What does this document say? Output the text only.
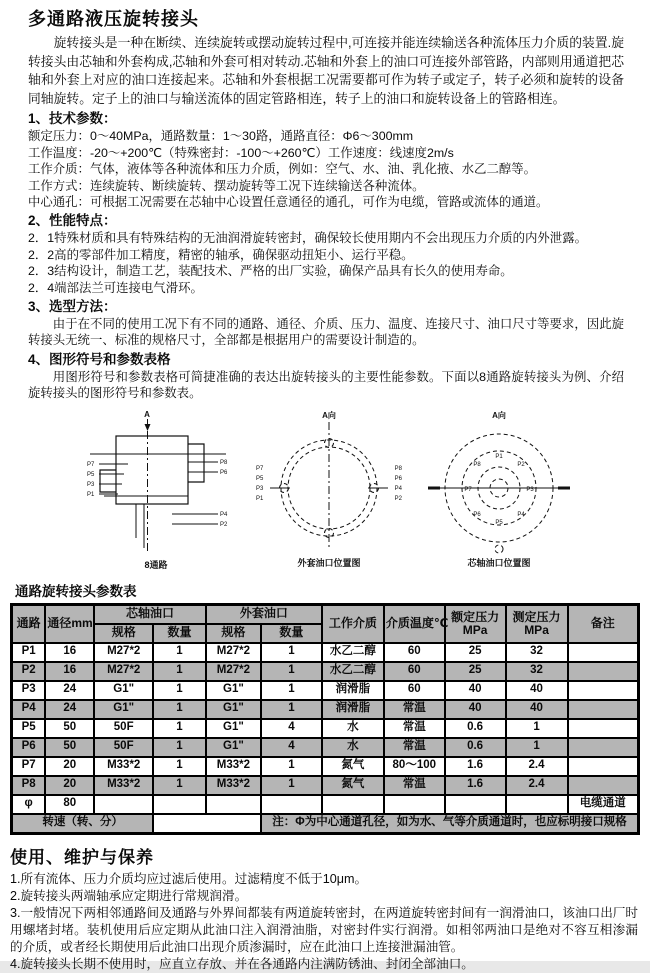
多通路液压旋转接头

旋转接头是一种在断续、连续旋转或摆动旋转过程中,可连接并能连续输送各种流体压力介质的装置.旋转接头由芯轴和外套构成,芯轴和外套可相对转动.芯轴和外套上的油口可连接外部管路，内部则用通道把芯轴和外套上对应的油口连接起来。芯轴和外套根据工况需要都可作为转子或定子，转子必须和旋转的设备同轴旋转。定子上的油口与输送流体的固定管路相连，转子上的油口和旋转设备上的管路相连。

1、技术参数：

额定压力：0～40MPa，通路数量：1～30路，通路直径：Φ6～300mm

工作温度：-20～+200℃（特殊密封：-100～+260℃）工作速度：线速度2m/s

工作介质：气体，液体等各种流体和压力介质，例如：空气、水、油、乳化掖、水乙二醇等。

工作方式：连续旋转、断续旋转、摆动旋转等工况下连续输送各种流体。

中心通孔：可根据工况需要在芯轴中心设置任意通径的通孔，可作为电缆，管路或流体的通道。

2、性能特点：

2．1特殊材质和具有特殊结构的无油润滑旋转密封，确保较长使用期内不会出现压力介质的内外泄露。

2．2高的零部件加工精度，精密的轴承，确保驱动扭矩小、运行平稳。

2．3结构设计，制造工艺，装配技术、严格的出厂实验，确保产品具有长久的使用寿命。

2．4端部法兰可连接电气滑环。

3、选型方法：

由于在不同的使用工况下有不同的通路、通径、介质、压力、温度、连接尺寸、油口尺寸等要求，因此旋转接头无统一、标准的规格尺寸，全部都是根据用户的需要设计制造的。

4、图形符号和参数表格

用图形符号和参数表格可简捷准确的表达出旋转接头的主要性能参数。下面以8通路旋转接头为例、介绍旋转接头的图形符号和参数表。

A
P7
P5
P3
P1
P8
P6
P4
P2
8通路
A向
P7
P5
P3
P1
P8
P6
P4
P2
外套油口位置图
A向
P1
P2
P3
P4
P5
P6
P7
P8
芯轴油口位置图
通路旋转接头参数表
通路	通径mm	芯轴油口		外套油口		工作介质	介质温度℃	额定压力
MPa	测定压力
MPa	备注
		规格	数量	规格	数量					
P1	16	M27*2	1	M27*2	1	水乙二醇	60	25	32	
P2	16	M27*2	1	M27*2	1	水乙二醇	60	25	32	
P3	24	G1"	1	G1"	1	润滑脂	60	40	40	
P4	24	G1"	1	G1"	1	润滑脂	常温	40	40	
P5	50	50F	1	G1"	4	水	常温	0.6	1	
P6	50	50F	1	G1"	4	水	常温	0.6	1	
P7	20	M33*2	1	M33*2	1	氮气	80～100	1.6	2.4	
P8	20	M33*2	1	M33*2	1	氮气	常温	1.6	2.4	
φ	80									电缆通道
转速（转、分）					注：Φ为中心通道孔径，如为水、气等介质通道时，也应标明接口规格					
使用、维护与保养

1.所有流体、压力介质均应过滤后使用。过滤精度不低于10μm。

2.旋转接头两端轴承应定期进行常规润滑。

3.一般情况下两相邻通路间及通路与外界间都装有两道旋转密封，在两道旋转密封间有一润滑油口，该油口出厂时用螺堵封堵。装机使用后应定期从此油口注入润滑油脂，对密封件实行润滑。如相邻两油口是绝对不容互相渗漏的介质，或者经长期使用后此油口出现介质渗漏时，应在此油口上连接泄漏油管。

4.旋转接头长期不使用时，应直立存放、并在各通路内注满防锈油、封闭全部油口。
